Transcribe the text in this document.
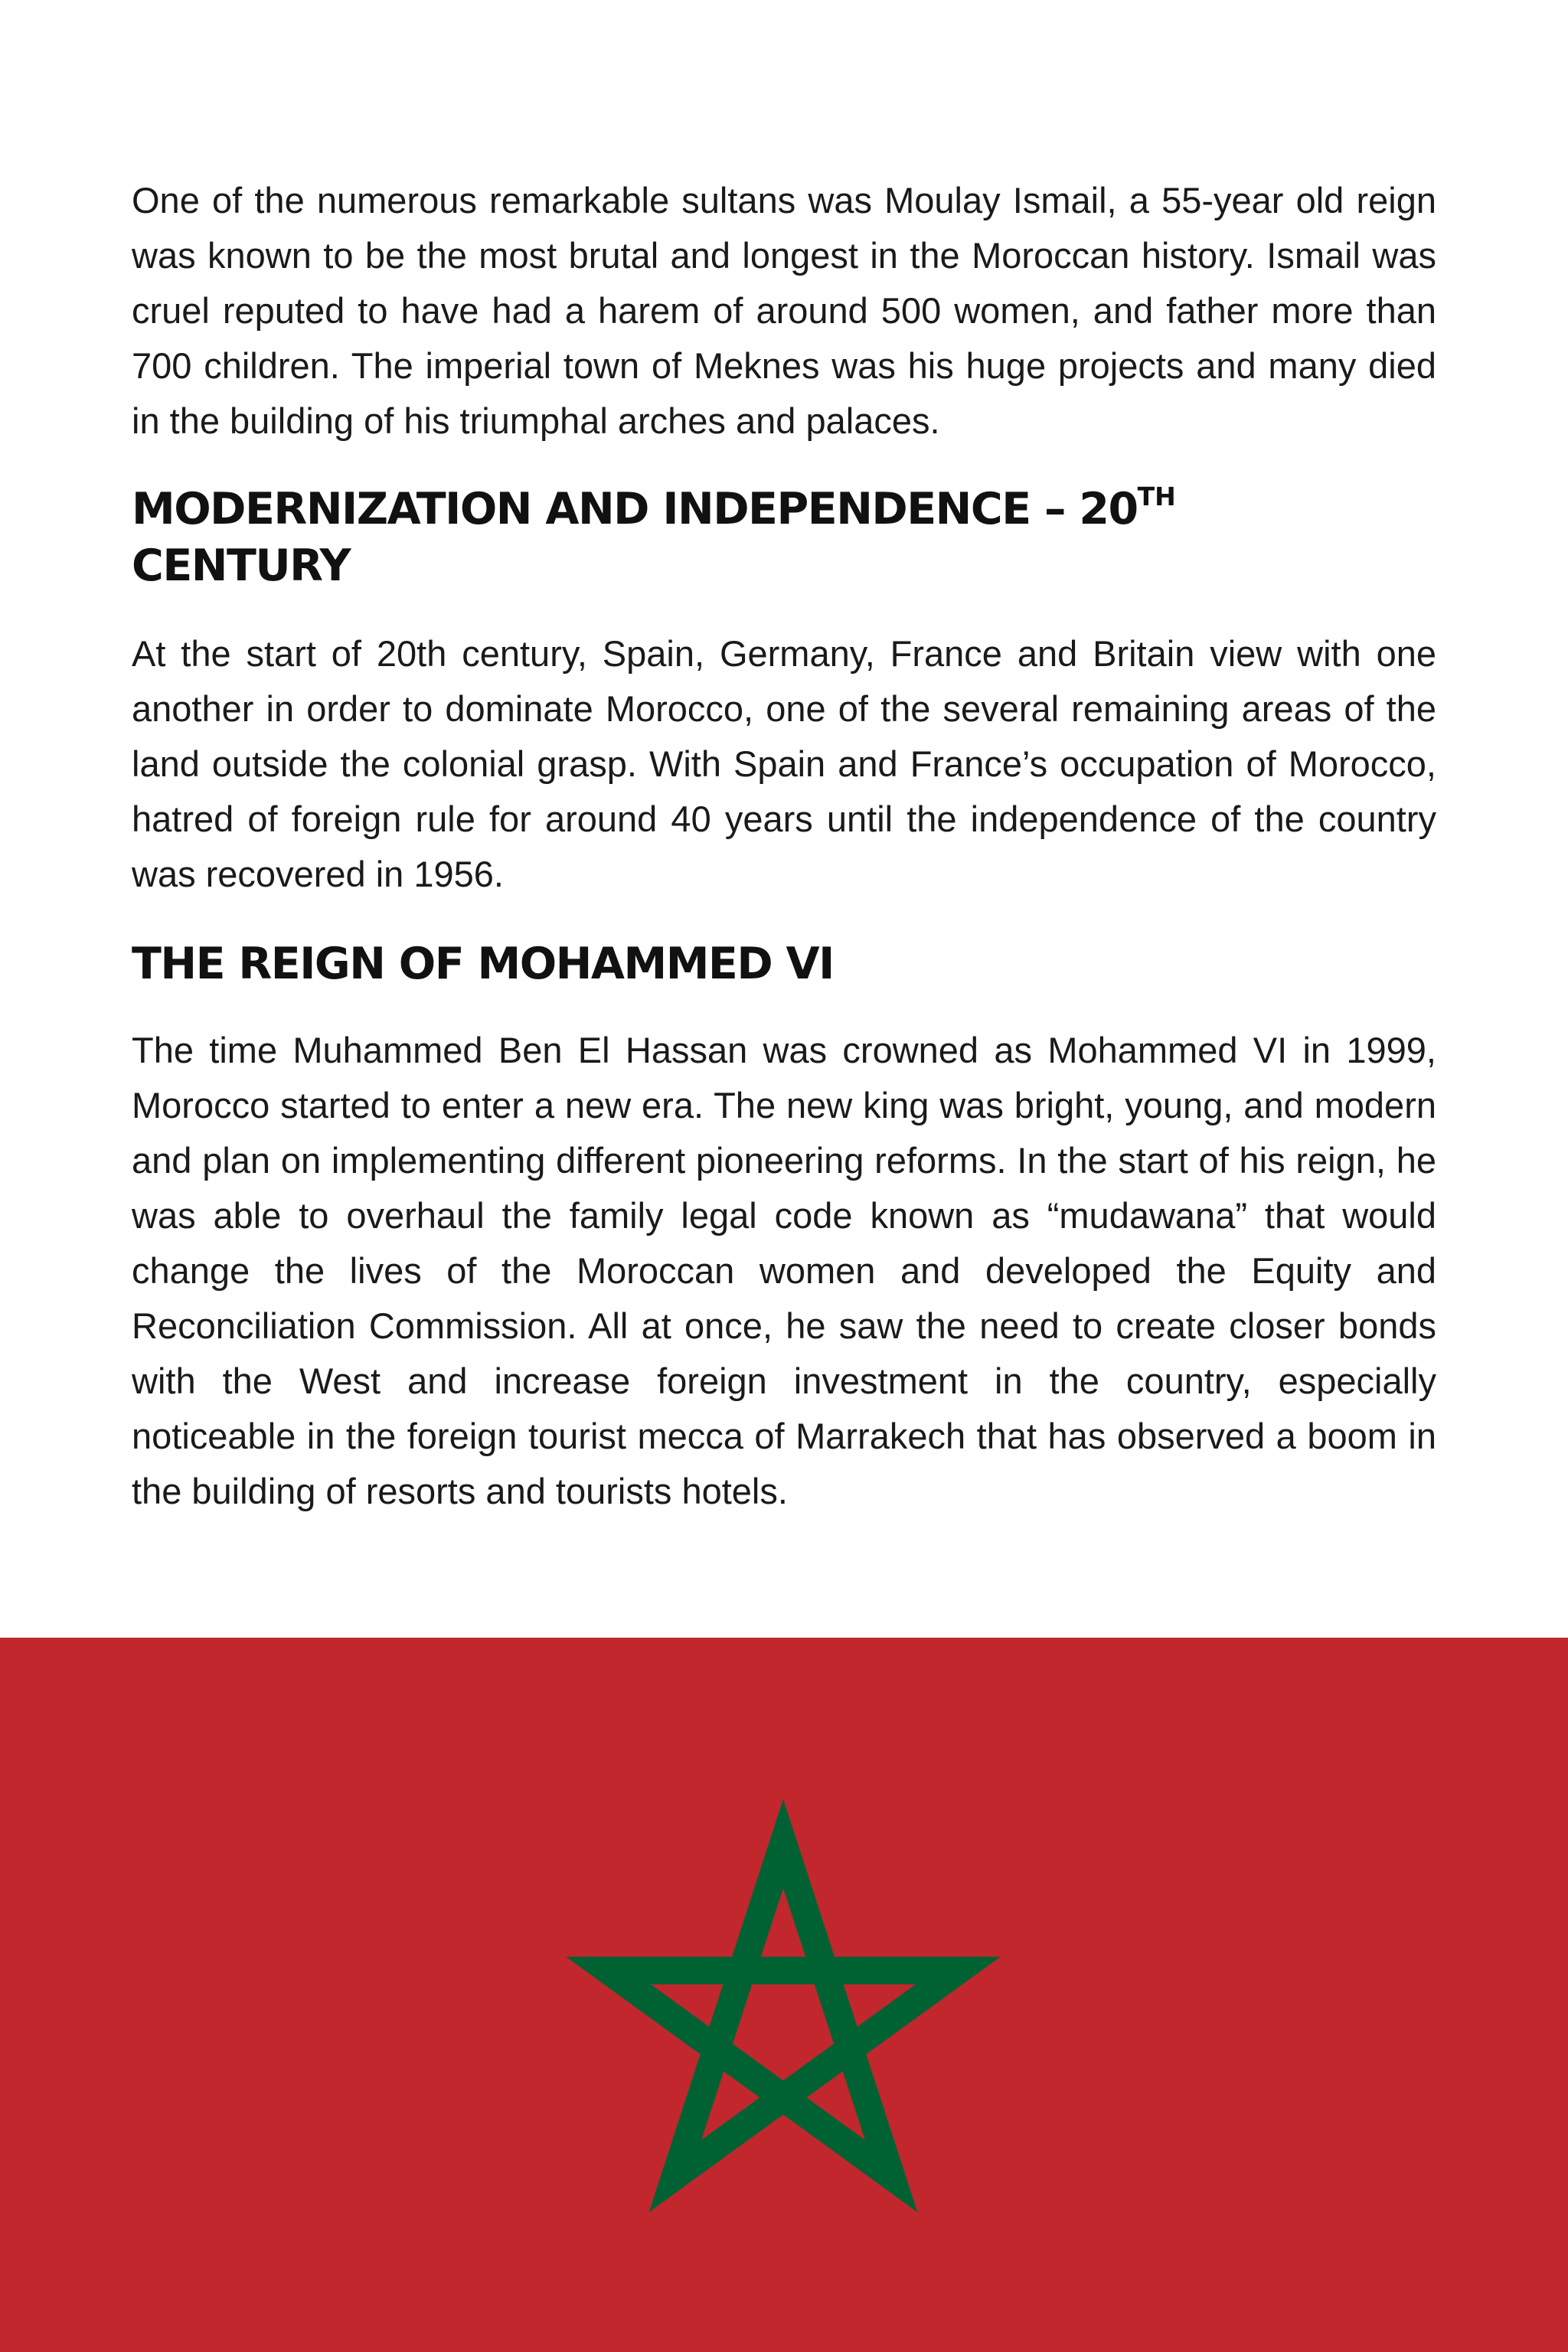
One of the numerous remarkable sultans was Moulay Ismail, a 55-year old reign was known to be the most brutal and longest in the Moroccan history. Ismail was cruel reputed to have had a harem of around 500 women, and father more than 700 children. The imperial town of Meknes was his huge projects and many died in the building of his triumphal arches and palaces.

MODERNIZATION AND INDEPENDENCE – 20TH
CENTURY

At the start of 20th century, Spain, Germany, France and Britain view with one another in order to dominate Morocco, one of the several remaining areas of the land outside the colonial grasp. With Spain and France’s occupation of Morocco, hatred of foreign rule for around 40 years until the independence of the country was recovered in 1956.

THE REIGN OF MOHAMMED VI

The time Muhammed Ben El Hassan was crowned as Mohammed VI in 1999, Morocco started to enter a new era. The new king was bright, young, and modern and plan on implementing different pioneering reforms. In the start of his reign, he was able to overhaul the family legal code known as “mudawana” that would change the lives of the Moroccan women and developed the Equity and Reconciliation Commission. All at once, he saw the need to create closer bonds with the West and increase foreign investment in the country, especially noticeable in the foreign tourist mecca of Marrakech that has observed a boom in the building of resorts and tourists hotels.
